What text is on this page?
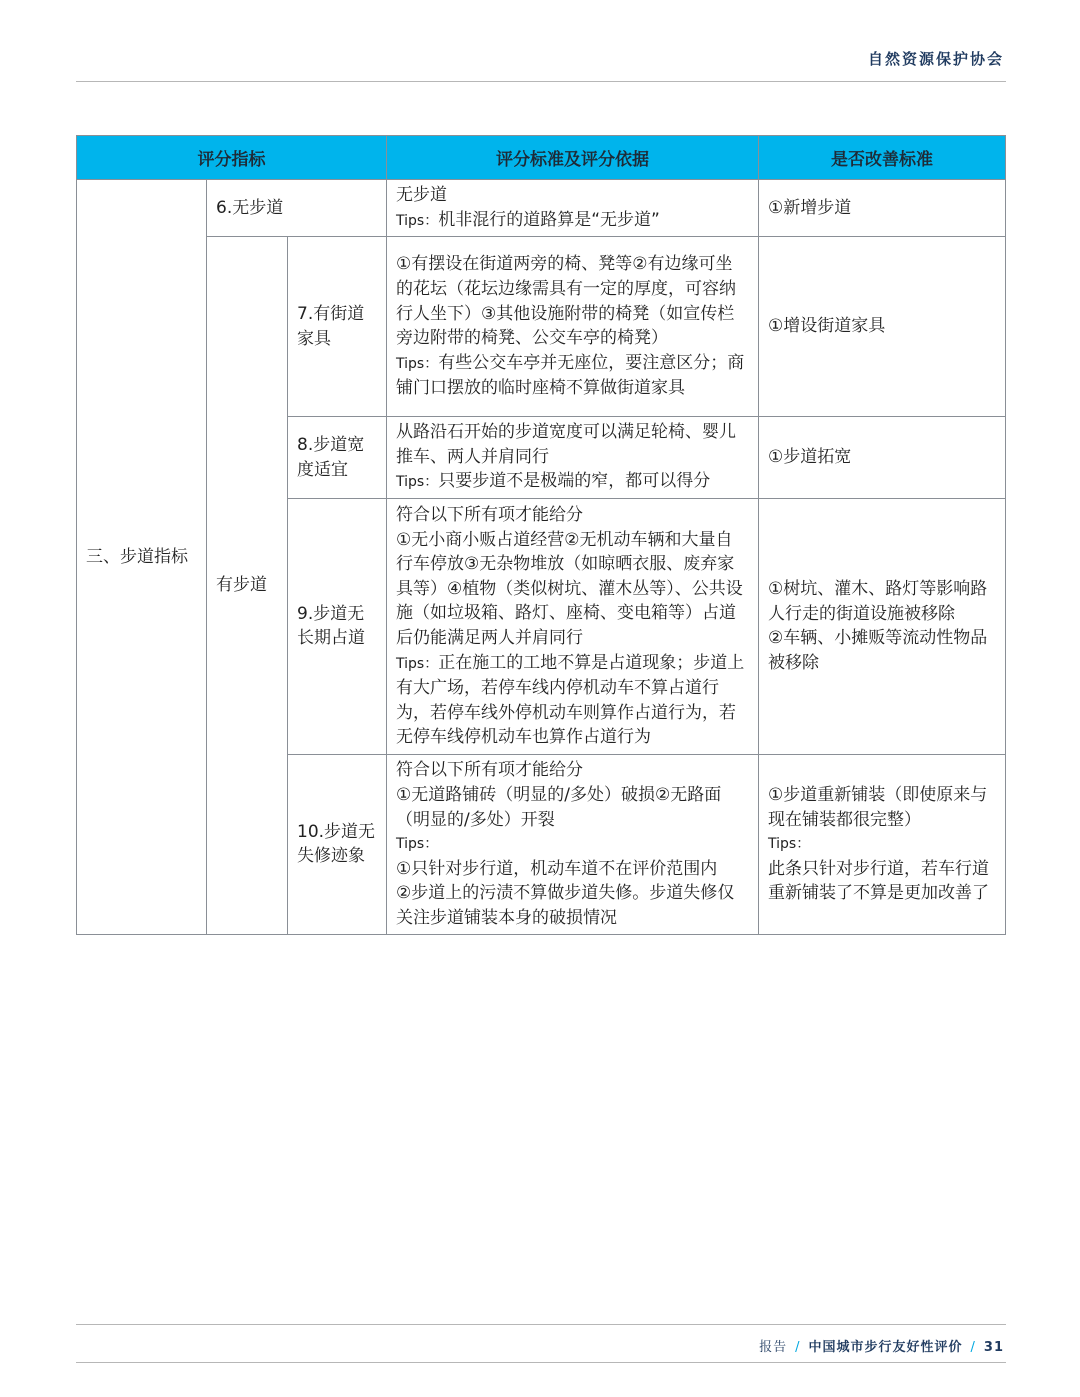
自然资源保护协会
评分指标			评分标准及评分依据	是否改善标准
三、步道指标	6.无步道		无步道
Tips：机非混行的道路算是“无步道”	①新增步道

	有步道	7.有街道家具	①有摆设在街道两旁的椅、凳等②有边缘可坐的花坛（花坛边缘需具有一定的厚度，可容纳行人坐下）③其他设施附带的椅凳（如宣传栏旁边附带的椅凳、公交车亭的椅凳）
Tips：有些公交车亭并无座位，要注意区分；商铺门口摆放的临时座椅不算做街道家具	①增设街道家具

		8.步道宽度适宜	从路沿石开始的步道宽度可以满足轮椅、婴儿推车、两人并肩同行
Tips：只要步道不是极端的窄，都可以得分	①步道拓宽

		9.步道无长期占道	符合以下所有项才能给分
①无小商小贩占道经营②无机动车辆和大量自行车停放③无杂物堆放（如晾晒衣服、废弃家具等）④植物（类似树坑、灌木丛等）、公共设施（如垃圾箱、路灯、座椅、变电箱等）占道后仍能满足两人并肩同行
Tips：正在施工的工地不算是占道现象；步道上有大广场，若停车线内停机动车不算占道行为，若停车线外停机动车则算作占道行为，若无停车线停机动车也算作占道行为	①树坑、灌木、路灯等影响路人行走的街道设施被移除
②车辆、小摊贩等流动性物品被移除

		10.步道无失修迹象	符合以下所有项才能给分
①无道路铺砖（明显的/多处）破损②无路面（明显的/多处）开裂
Tips：
①只针对步行道，机动车道不在评价范围内
②步道上的污渍不算做步道失修。步道失修仅关注步道铺装本身的破损情况	①步道重新铺装（即使原来与现在铺装都很完整）
Tips：
此条只针对步行道，若车行道重新铺装了不算是更加改善了
报告 / 中国城市步行友好性评价 / 31
